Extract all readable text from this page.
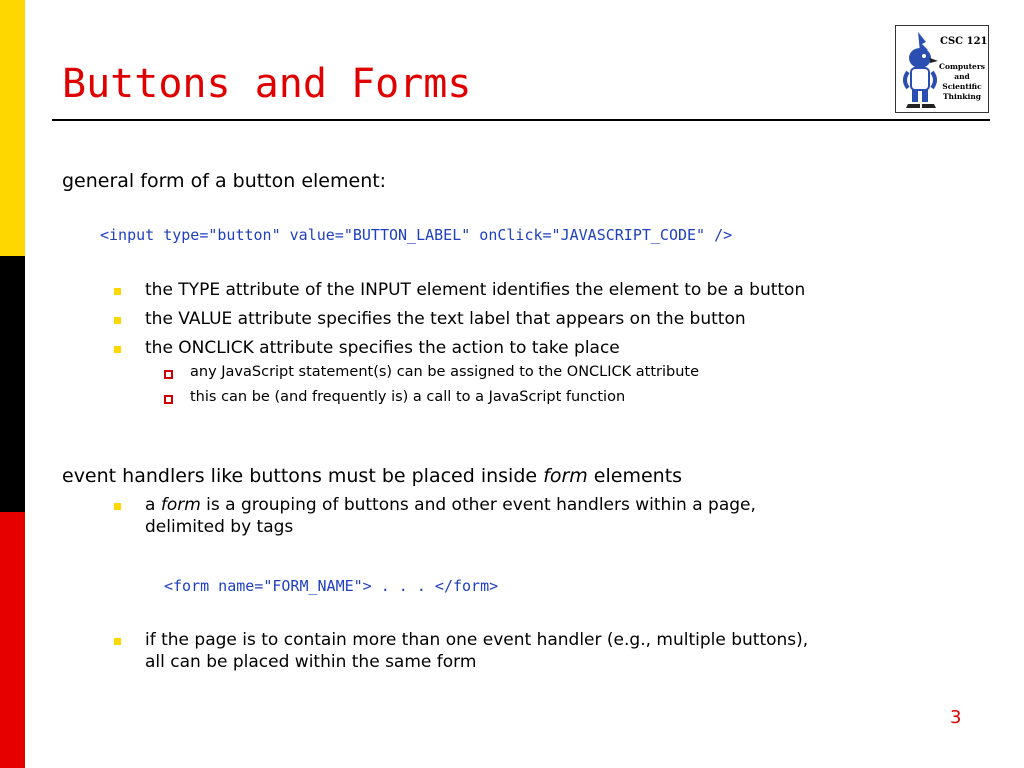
Buttons and Forms
CSC 121
Computers
and
Scientific
Thinking
general form of a button element:
<input type="button" value="BUTTON_LABEL" onClick="JAVASCRIPT_CODE" />
the TYPE attribute of the INPUT element identifies the element to be a button
the VALUE attribute specifies the text label that appears on the button
the ONCLICK attribute specifies the action to take place
any JavaScript statement(s) can be assigned to the ONCLICK attribute
this can be (and frequently is) a call to a JavaScript function
event handlers like buttons must be placed inside form elements
a form is a grouping of buttons and other event handlers within a page,
delimited by tags
<form name="FORM_NAME"> . . . </form>
if the page is to contain more than one event handler (e.g., multiple buttons),
all can be placed within the same form
3
